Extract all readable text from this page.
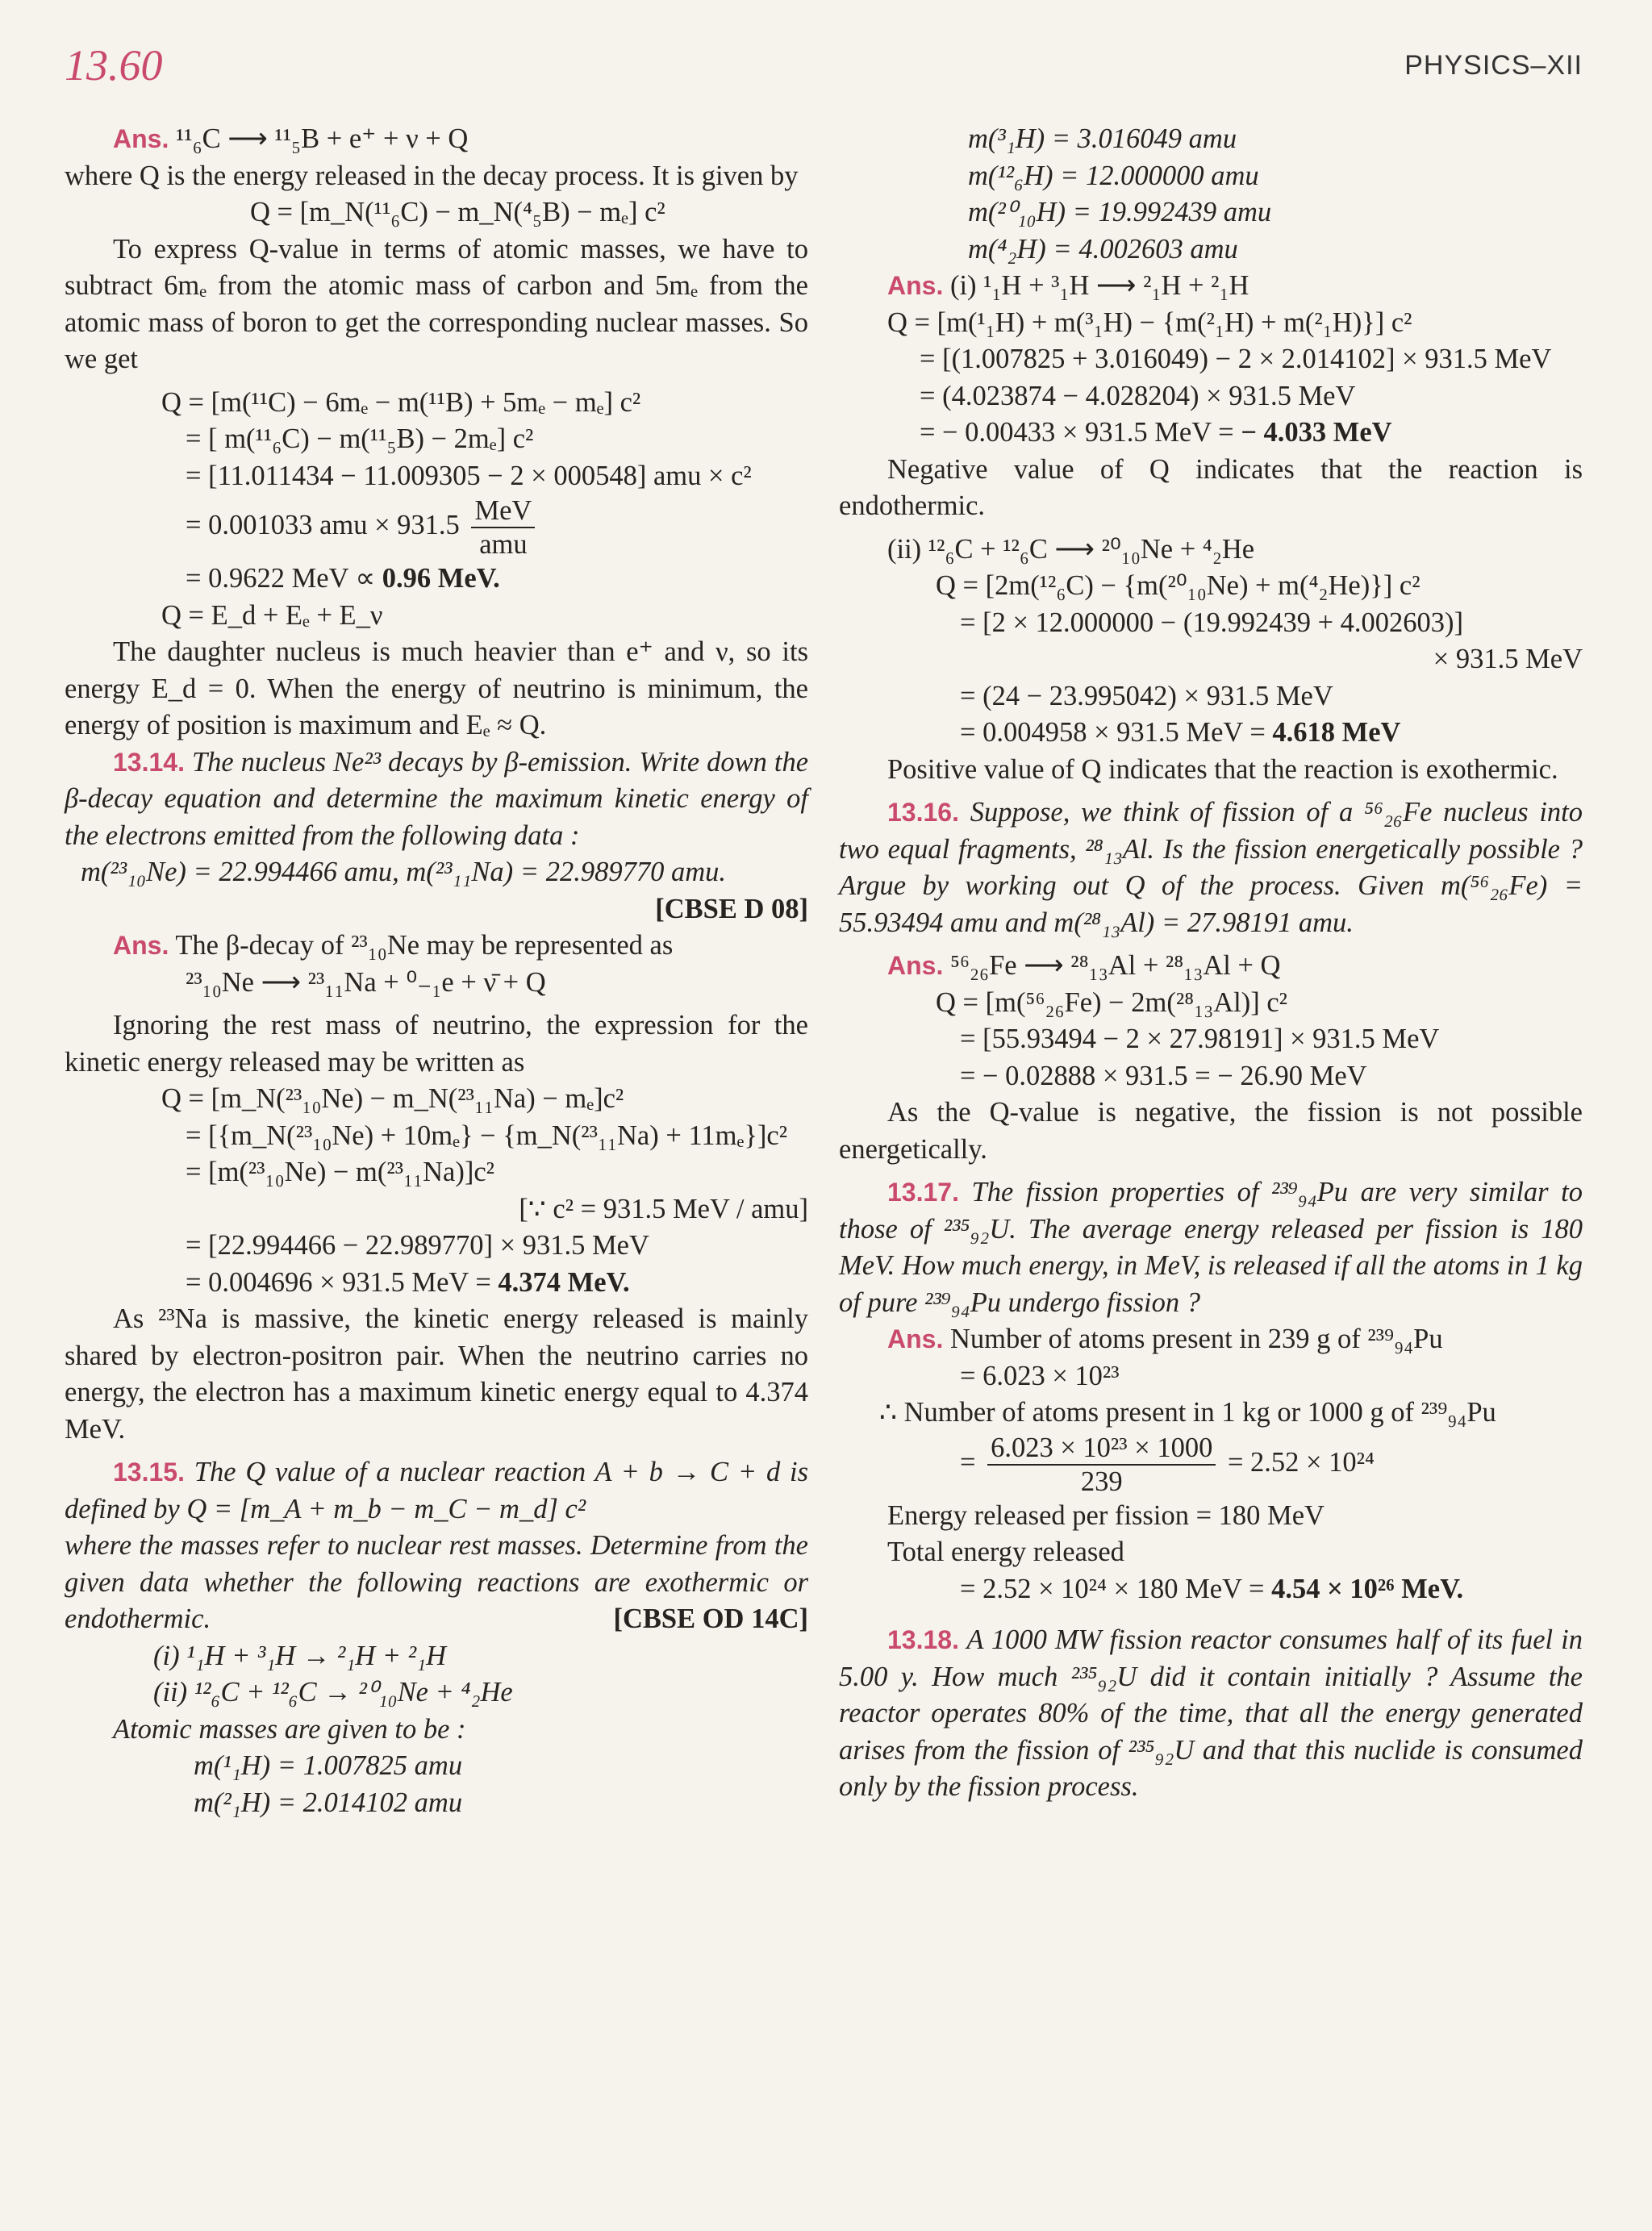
13.60	PHYSICS–XII

Ans. ¹¹₆C ⟶ ¹¹₅B + e⁺ + ν + Q

where Q is the energy released in the decay process. It is given by

Q = [m_N(¹¹₆C) − m_N(⁴₅B) − mₑ] c²

To express Q-value in terms of atomic masses, we have to subtract 6mₑ from the atomic mass of carbon and 5mₑ from the atomic mass of boron to get the corresponding nuclear masses. So we get

Q = [m(¹¹C) − 6mₑ − m(¹¹B) + 5mₑ − mₑ] c²

= [ m(¹¹₆C) − m(¹¹₅B) − 2mₑ] c²

= [11.011434 − 11.009305 − 2 × 000548] amu × c²

= 0.001033 amu × $931.5 \frac{\text{MeV}}{\text{amu}}$

= 0.9622 MeV ∝ 0.96 MeV.

Q = E_d + Eₑ + E_ν

The daughter nucleus is much heavier than e⁺ and ν, so its energy E_d = 0. When the energy of neutrino is minimum, the energy of position is maximum and Eₑ ≈ Q.

13.14. The nucleus Ne²³ decays by β-emission. Write down the β-decay equation and determine the maximum kinetic energy of the electrons emitted from the following data :

m(²³₁₀Ne) = 22.994466 amu, m(²³₁₁Na) = 22.989770 amu.

[CBSE D 08]

Ans. The β-decay of ²³₁₀Ne may be represented as

²³₁₀Ne ⟶ ²³₁₁Na + ⁰₋₁e + ν̄ + Q

Ignoring the rest mass of neutrino, the expression for the kinetic energy released may be written as

Q = [m_N(²³₁₀Ne) − m_N(²³₁₁Na) − mₑ]c²

= [{m_N(²³₁₀Ne) + 10mₑ} − {m_N(²³₁₁Na) + 11mₑ}]c²

= [m(²³₁₀Ne) − m(²³₁₁Na)]c²

[∵ c² = 931.5 MeV / amu]

= [22.994466 − 22.989770] × 931.5 MeV

= 0.004696 × 931.5 MeV = 4.374 MeV.

As ²³Na is massive, the kinetic energy released is mainly shared by electron-positron pair. When the neutrino carries no energy, the electron has a maximum kinetic energy equal to 4.374 MeV.

13.15. The Q value of a nuclear reaction A + b → C + d is defined by Q = [m_A + m_b − m_C − m_d] c²

where the masses refer to nuclear rest masses. Determine from the given data whether the following reactions are exothermic or endothermic.	[CBSE OD 14C]

(i) ¹₁H + ³₁H → ²₁H + ²₁H

(ii) ¹²₆C + ¹²₆C → ²⁰₁₀Ne + ⁴₂He

Atomic masses are given to be :

m(¹₁H) = 1.007825 amu

m(²₁H) = 2.014102 amu

m(³₁H) = 3.016049 amu

m(¹²₆H) = 12.000000 amu

m(²⁰₁₀H) = 19.992439 amu

m(⁴₂H) = 4.002603 amu

Ans. (i) ¹₁H + ³₁H ⟶ ²₁H + ²₁H

Q = [m(¹₁H) + m(³₁H) − {m(²₁H) + m(²₁H)}] c²

= [(1.007825 + 3.016049) − 2 × 2.014102] × 931.5 MeV

= (4.023874 − 4.028204) × 931.5 MeV

= − 0.00433 × 931.5 MeV = − 4.033 MeV

Negative value of Q indicates that the reaction is endothermic.

(ii) ¹²₆C + ¹²₆C ⟶ ²⁰₁₀Ne + ⁴₂He

Q = [2m(¹²₆C) − {m(²⁰₁₀Ne) + m(⁴₂He)}] c²

= [2 × 12.000000 − (19.992439 + 4.002603)]

× 931.5 MeV

= (24 − 23.995042) × 931.5 MeV

= 0.004958 × 931.5 MeV = 4.618 MeV

Positive value of Q indicates that the reaction is exothermic.

13.16. Suppose, we think of fission of a ⁵⁶₂₆Fe nucleus into two equal fragments, ²⁸₁₃Al. Is the fission energetically possible ? Argue by working out Q of the process. Given m(⁵⁶₂₆Fe) = 55.93494 amu and m(²⁸₁₃Al) = 27.98191 amu.

Ans. ⁵⁶₂₆Fe ⟶ ²⁸₁₃Al + ²⁸₁₃Al + Q

Q = [m(⁵⁶₂₆Fe) − 2m(²⁸₁₃Al)] c²

= [55.93494 − 2 × 27.98191] × 931.5 MeV

= − 0.02888 × 931.5 = − 26.90 MeV

As the Q-value is negative, the fission is not possible energetically.

13.17. The fission properties of ²³⁹₉₄Pu are very similar to those of ²³⁵₉₂U. The average energy released per fission is 180 MeV. How much energy, in MeV, is released if all the atoms in 1 kg of pure ²³⁹₉₄Pu undergo fission ?

Ans. Number of atoms present in 239 g of ²³⁹₉₄Pu

= 6.023 × 10²³

∴ Number of atoms present in 1 kg or 1000 g of ²³⁹₉₄Pu

= $\frac{\text{6.023 × 10²³ × 1000}}{239} = 2.52 \times 10^{24}$

Energy released per fission = 180 MeV

Total energy released

= 2.52 × 10²⁴ × 180 MeV = 4.54 × 10²⁶ MeV.

13.18. A 1000 MW fission reactor consumes half of its fuel in 5.00 y. How much ²³⁵₉₂U did it contain initially ? Assume the reactor operates 80% of the time, that all the energy generated arises from the fission of ²³⁵₉₂U and that this nuclide is consumed only by the fission process.
